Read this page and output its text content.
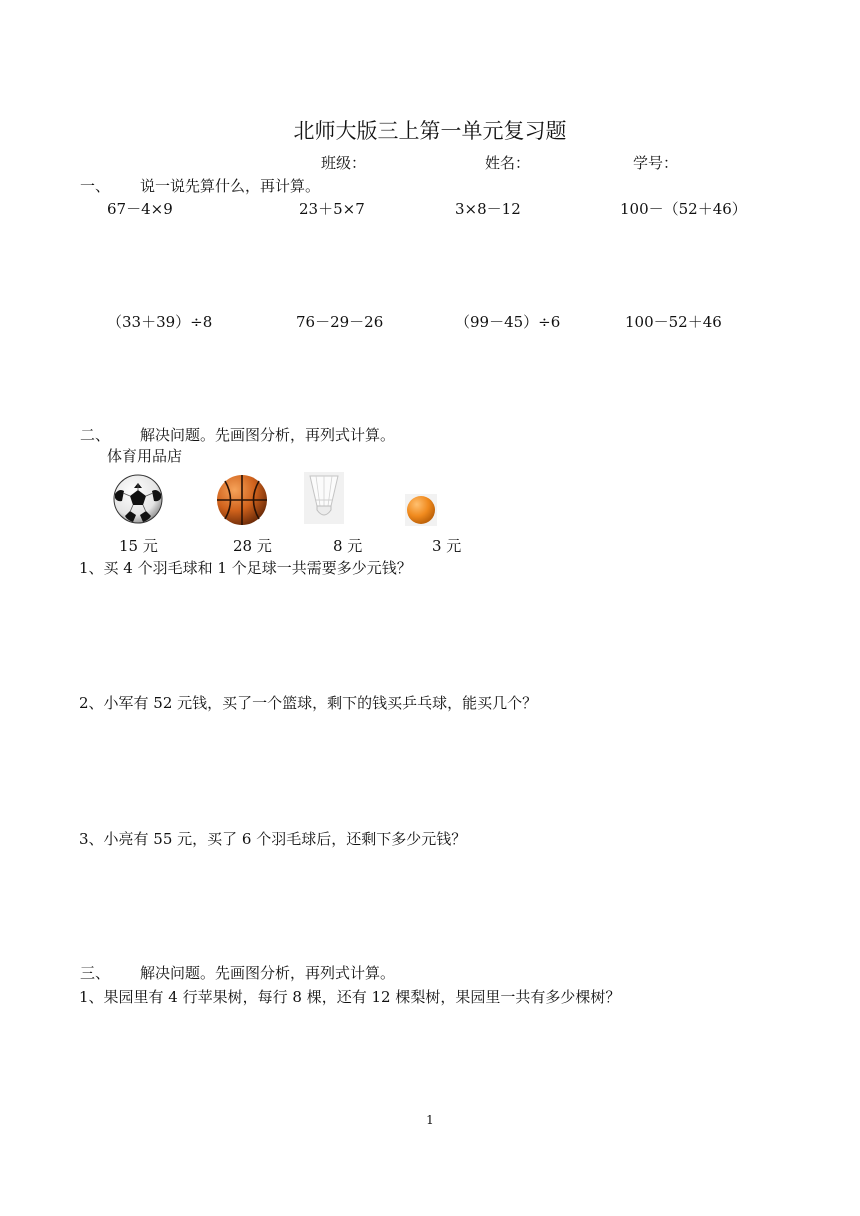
北师大版三上第一单元复习题
班级：	姓名：	学号：
一、 说一说先算什么，再计算。
67－4×9	23＋5×7	3×8－12	100－（52＋46）
（33＋39）÷8	76－29－26	（99－45）÷6	100－52＋46
二、 解决问题。先画图分析，再列式计算。
体育用品店
15 元	28 元	8 元	3 元
1、买 4 个羽毛球和 1 个足球一共需要多少元钱？
2、小军有 52 元钱，买了一个篮球，剩下的钱买乒乓球，能买几个？
3、小亮有 55 元，买了 6 个羽毛球后，还剩下多少元钱？
三、 解决问题。先画图分析，再列式计算。
1、果园里有 4 行苹果树，每行 8 棵，还有 12 棵梨树，果园里一共有多少棵树？
1
